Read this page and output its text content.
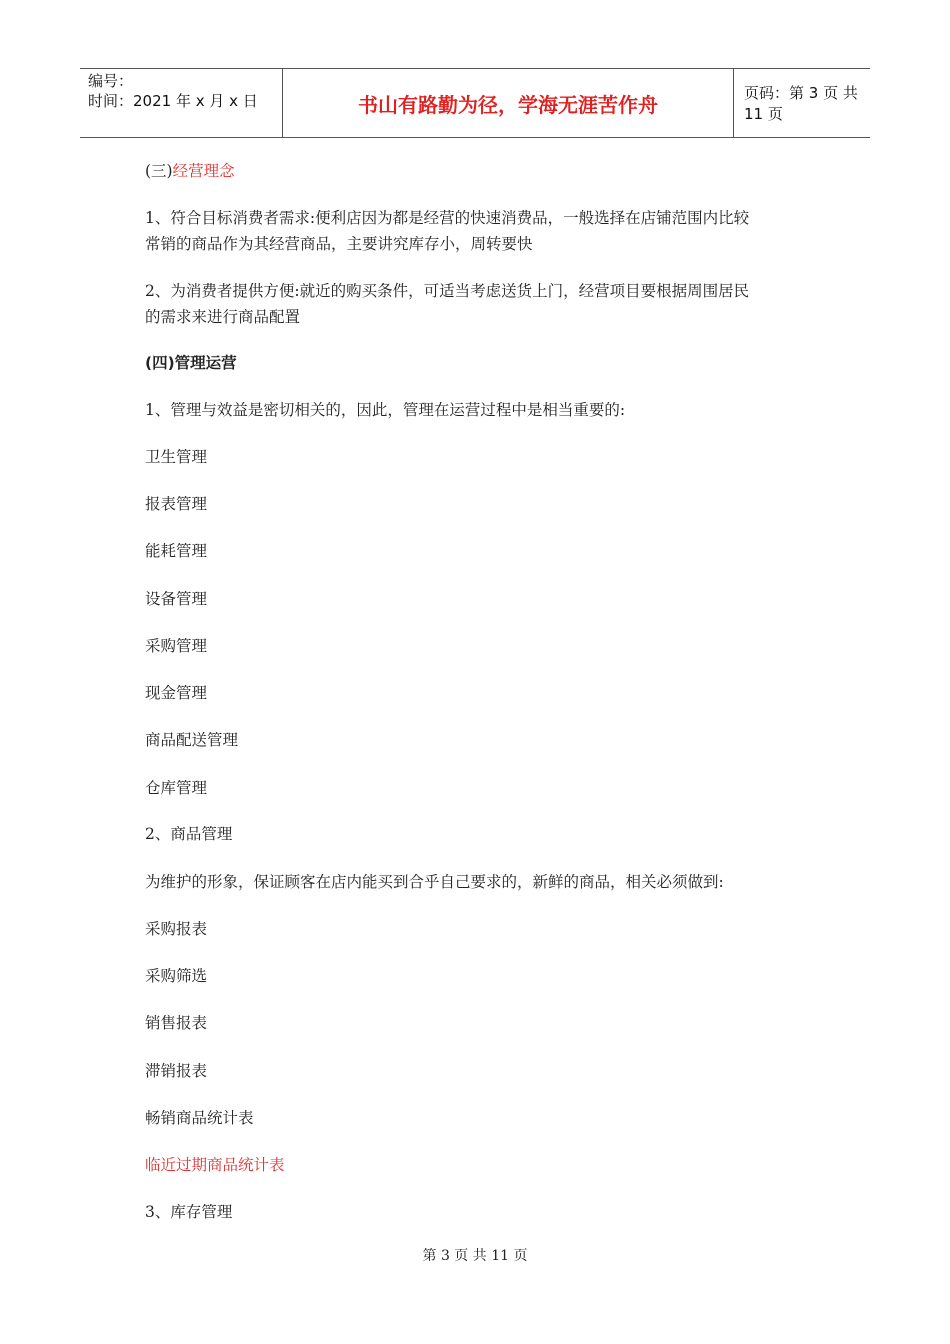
编号：
时间：2021 年 x 月 x 日	书山有路勤为径，学海无涯苦作舟	页码：第 3 页 共 11 页
(三)经营理念
1、符合目标消费者需求:便利店因为都是经营的快速消费品，一般选择在店铺范围内比较
常销的商品作为其经营商品，主要讲究库存小，周转要快
2、为消费者提供方便:就近的购买条件，可适当考虑送货上门，经营项目要根据周围居民
的需求来进行商品配置
(四)管理运营
1、管理与效益是密切相关的，因此，管理在运营过程中是相当重要的:
卫生管理
报表管理
能耗管理
设备管理
采购管理
现金管理
商品配送管理
仓库管理
2、商品管理
为维护的形象，保证顾客在店内能买到合乎自己要求的，新鲜的商品，相关必须做到:
采购报表
采购筛选
销售报表
滞销报表
畅销商品统计表
临近过期商品统计表
3、库存管理
第 3 页 共 11 页
